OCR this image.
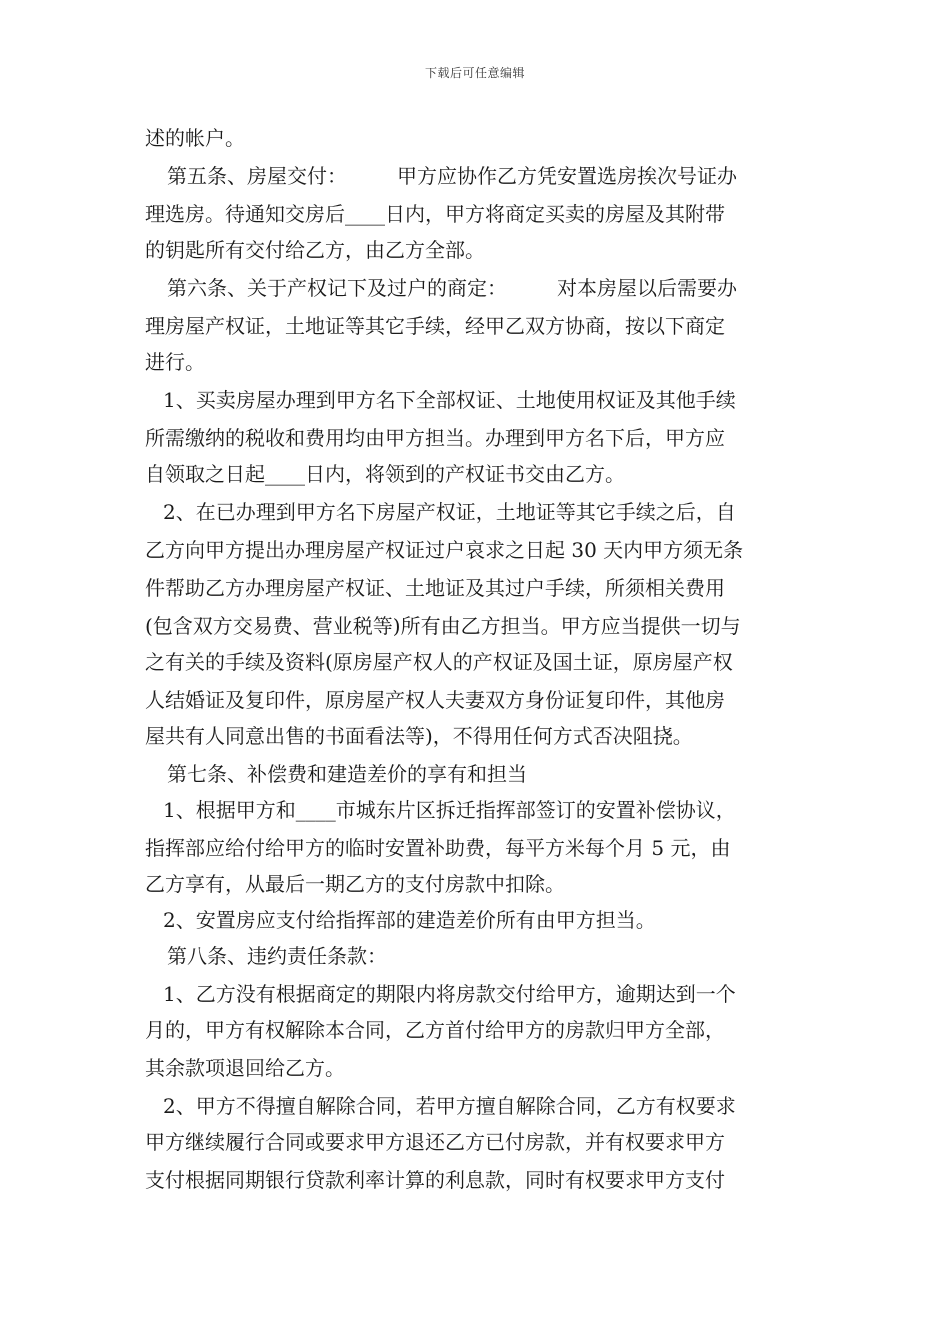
下载后可任意编辑
述的帐户。
第五条、房屋交付：　　　甲方应协作乙方凭安置选房挨次号证办
理选房。待通知交房后____日内，甲方将商定买卖的房屋及其附带
的钥匙所有交付给乙方，由乙方全部。
第六条、关于产权记下及过户的商定：　　　对本房屋以后需要办
理房屋产权证，土地证等其它手续，经甲乙双方协商，按以下商定
进行。
1、买卖房屋办理到甲方名下全部权证、土地使用权证及其他手续
所需缴纳的税收和费用均由甲方担当。办理到甲方名下后，甲方应
自领取之日起____日内，将领到的产权证书交由乙方。
2、在已办理到甲方名下房屋产权证，土地证等其它手续之后，自
乙方向甲方提出办理房屋产权证过户哀求之日起 30 天内甲方须无条
件帮助乙方办理房屋产权证、土地证及其过户手续，所须相关费用
(包含双方交易费、营业税等)所有由乙方担当。甲方应当提供一切与
之有关的手续及资料(原房屋产权人的产权证及国土证，原房屋产权
人结婚证及复印件，原房屋产权人夫妻双方身份证复印件，其他房
屋共有人同意出售的书面看法等)，不得用任何方式否决阻挠。
第七条、补偿费和建造差价的享有和担当
1、根据甲方和____市城东片区拆迁指挥部签订的安置补偿协议，
指挥部应给付给甲方的临时安置补助费，每平方米每个月 5 元，由
乙方享有，从最后一期乙方的支付房款中扣除。
2、安置房应支付给指挥部的建造差价所有由甲方担当。
第八条、违约责任条款：
1、乙方没有根据商定的期限内将房款交付给甲方，逾期达到一个
月的，甲方有权解除本合同，乙方首付给甲方的房款归甲方全部，
其余款项退回给乙方。
2、甲方不得擅自解除合同，若甲方擅自解除合同，乙方有权要求
甲方继续履行合同或要求甲方退还乙方已付房款，并有权要求甲方
支付根据同期银行贷款利率计算的利息款，同时有权要求甲方支付
